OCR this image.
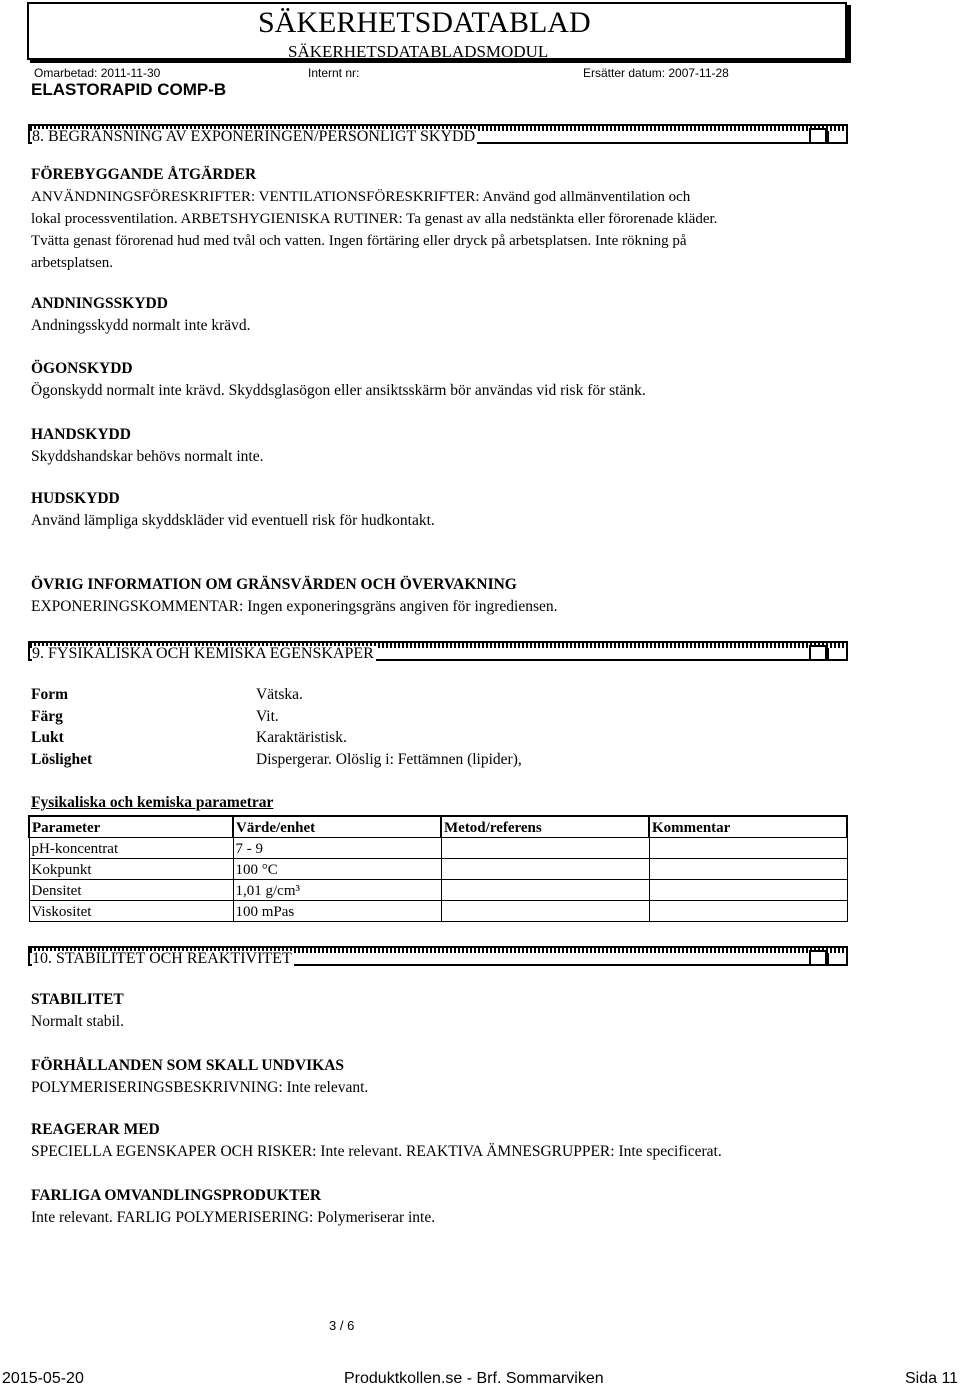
SÄKERHETSDATABLAD
SÄKERHETSDATABLADSMODUL
Omarbetad: 2011-11-30	Internt nr:	Ersätter datum: 2007-11-28
ELASTORAPID COMP-B
8. BEGRÄNSNING AV EXPONERINGEN/PERSONLIGT SKYDD
FÖREBYGGANDE ÅTGÄRDER
ANVÄNDNINGSFÖRESKRIFTER: VENTILATIONSFÖRESKRIFTER: Använd god allmänventilation och
lokal processventilation. ARBETSHYGIENISKA RUTINER: Ta genast av alla nedstänkta eller förorenade kläder.
Tvätta genast förorenad hud med tvål och vatten. Ingen förtäring eller dryck på arbetsplatsen. Inte rökning på
arbetsplatsen.
ANDNINGSSKYDD
Andningsskydd normalt inte krävd.
ÖGONSKYDD
Ögonskydd normalt inte krävd. Skyddsglasögon eller ansiktsskärm bör användas vid risk för stänk.
HANDSKYDD
Skyddshandskar behövs normalt inte.
HUDSKYDD
Använd lämpliga skyddskläder vid eventuell risk för hudkontakt.
ÖVRIG INFORMATION OM GRÄNSVÄRDEN OCH ÖVERVAKNING
EXPONERINGSKOMMENTAR: Ingen exponeringsgräns angiven för ingrediensen.
9. FYSIKALISKA OCH KEMISKA EGENSKAPER
Form	Vätska.
Färg	Vit.
Lukt	Karaktäristisk.
Löslighet	Dispergerar. Olöslig i: Fettämnen (lipider),
Fysikaliska och kemiska parametrar
Parameter	Värde/enhet	Metod/referens	Kommentar
pH-koncentrat	7 - 9		
Kokpunkt	100 °C		
Densitet	1,01 g/cm³		
Viskositet	100 mPas		
10. STABILITET OCH REAKTIVITET
STABILITET
Normalt stabil.
FÖRHÅLLANDEN SOM SKALL UNDVIKAS
POLYMERISERINGSBESKRIVNING: Inte relevant.
REAGERAR MED
SPECIELLA EGENSKAPER OCH RISKER: Inte relevant. REAKTIVA ÄMNESGRUPPER: Inte specificerat.
FARLIGA OMVANDLINGSPRODUKTER
Inte relevant. FARLIG POLYMERISERING: Polymeriserar inte.
3 / 6
2015-05-20	Produktkollen.se - Brf. Sommarviken	Sida 11
